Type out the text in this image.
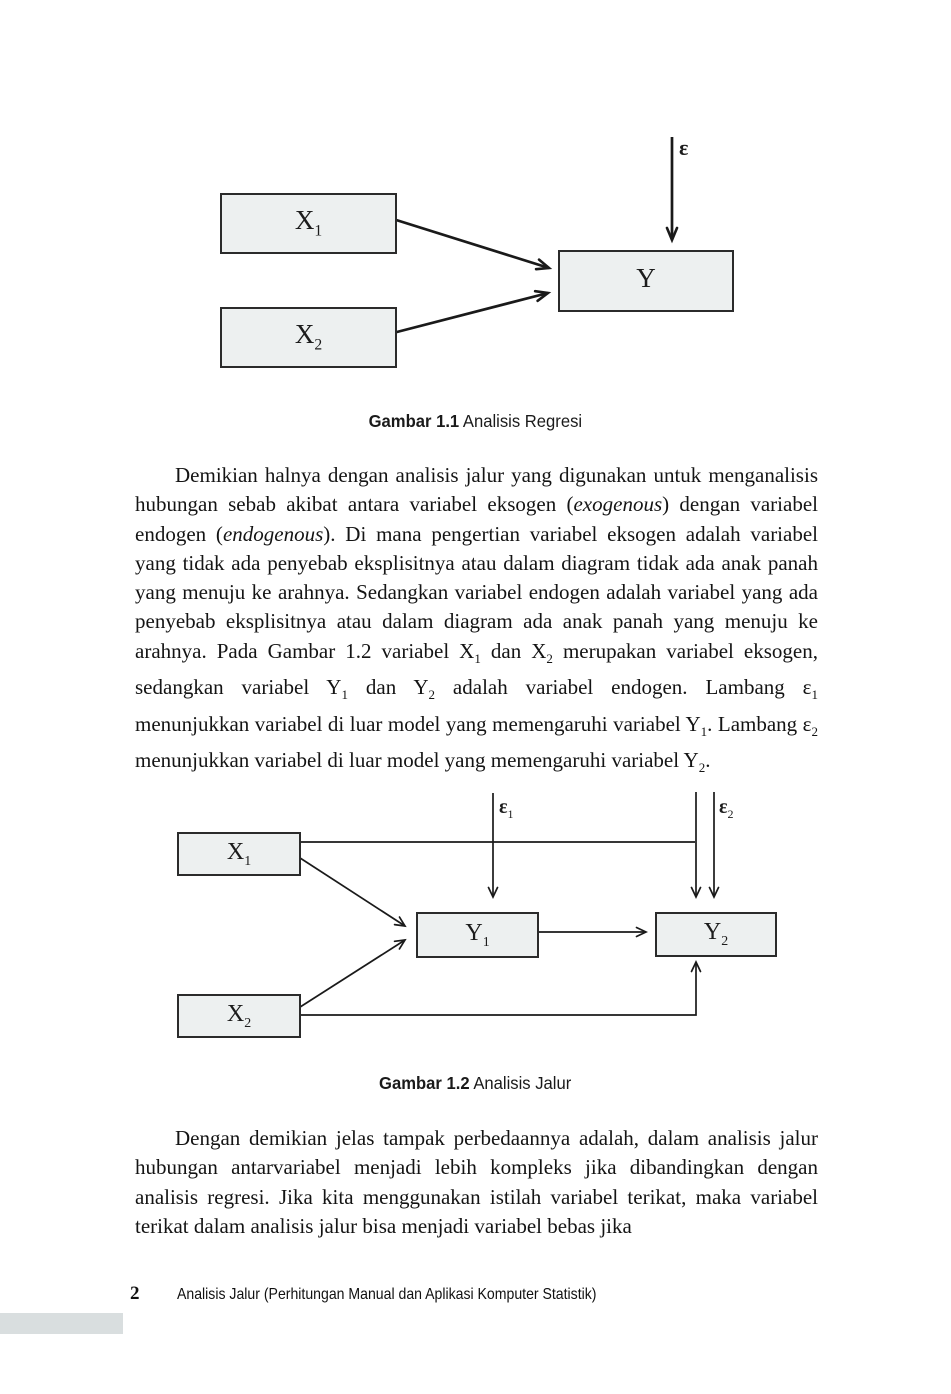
$X_1$
$X_2$
Y
ε
Gambar 1.1 Analisis Regresi
Demikian halnya dengan analisis jalur yang digunakan untuk menganalisis hubungan sebab akibat antara variabel eksogen (exogenous) dengan variabel endogen (endogenous). Di mana pengertian variabel eksogen adalah variabel yang tidak ada penyebab eksplisitnya atau dalam diagram tidak ada anak panah yang menuju ke arahnya. Sedangkan variabel endogen adalah variabel yang ada penyebab eksplisitnya atau dalam diagram ada anak panah yang menuju ke arahnya. Pada Gambar 1.2 variabel $X_1$ dan $X_2$ merupakan variabel eksogen, sedangkan variabel $Y_1$ dan $Y_2$ adalah variabel endogen. Lambang $\varepsilon_1$ menunjukkan variabel di luar model yang memengaruhi variabel $Y_1$. Lambang $\varepsilon_2$ menunjukkan variabel di luar model yang memengaruhi variabel $Y_2$.
$X_1$
$X_2$
$Y_1$	$Y_2$
$\varepsilon_1$	$\varepsilon_2$
Gambar 1.2 Analisis Jalur
Dengan demikian jelas tampak perbedaannya adalah, dalam analisis jalur hubungan antarvariabel menjadi lebih kompleks jika dibandingkan dengan analisis regresi. Jika kita menggunakan istilah variabel terikat, maka variabel terikat dalam analisis jalur bisa menjadi variabel bebas jika
2 Analisis Jalur (Perhitungan Manual dan Aplikasi Komputer Statistik)
